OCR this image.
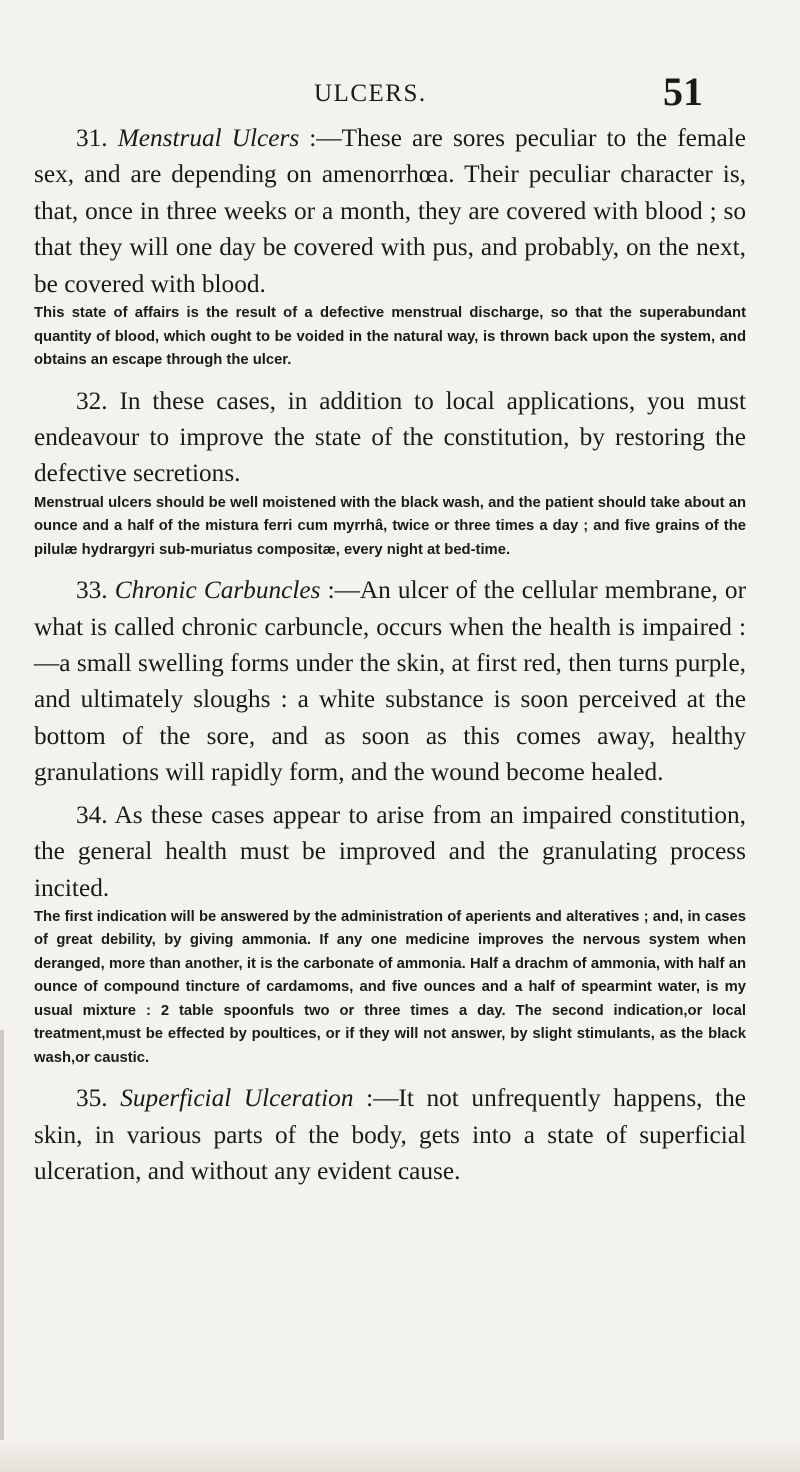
ULCERS.	51

31. Menstrual Ulcers :—These are sores peculiar to the female sex, and are depending on amenorrhœa. Their peculiar character is, that, once in three weeks or a month, they are covered with blood ; so that they will one day be covered with pus, and probably, on the next, be covered with blood.

This state of affairs is the result of a defective menstrual discharge, so that the superabundant quantity of blood, which ought to be voided in the natural way, is thrown back upon the system, and obtains an escape through the ulcer.

32. In these cases, in addition to local applications, you must endeavour to improve the state of the constitution, by restoring the defective secretions.

Menstrual ulcers should be well moistened with the black wash, and the patient should take about an ounce and a half of the mistura ferri cum myrrhâ, twice or three times a day ; and five grains of the pilulæ hydrargyri sub-muriatus compositæ, every night at bed-time.

33. Chronic Carbuncles :—An ulcer of the cellular membrane, or what is called chronic carbuncle, occurs when the health is impaired :—a small swelling forms under the skin, at first red, then turns purple, and ultimately sloughs : a white substance is soon perceived at the bottom of the sore, and as soon as this comes away, healthy granulations will rapidly form, and the wound become healed.

34. As these cases appear to arise from an impaired constitution, the general health must be improved and the granulating process incited.

The first indication will be answered by the administration of aperients and alteratives ; and, in cases of great debility, by giving ammonia. If any one medicine improves the nervous system when deranged, more than another, it is the carbonate of ammonia. Half a drachm of ammonia, with half an ounce of compound tincture of cardamoms, and five ounces and a half of spearmint water, is my usual mixture : 2 table spoonfuls two or three times a day. The second indication,or local treatment,must be effected by poultices, or if they will not answer, by slight stimulants, as the black wash,or caustic.

35. Superficial Ulceration :—It not unfrequently happens, the skin, in various parts of the body, gets into a state of superficial ulceration, and without any evident cause.
